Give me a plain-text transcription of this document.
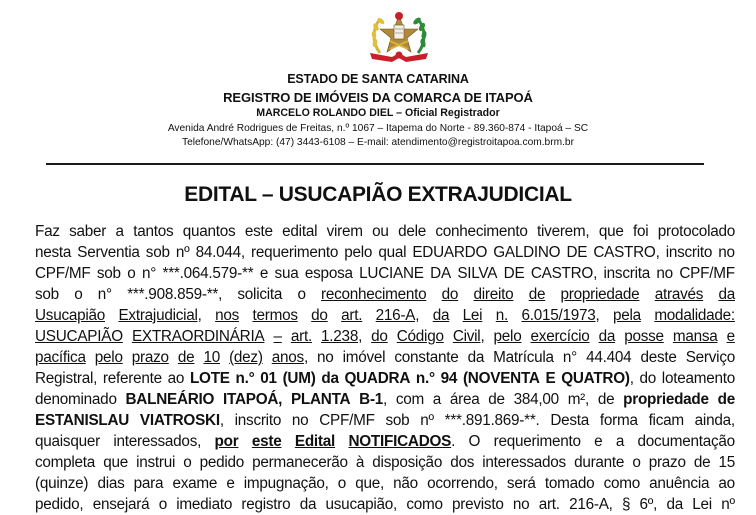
ESTADO DE SANTA CATARINA
REGISTRO DE IMÓVEIS DA COMARCA DE ITAPOÁ
MARCELO ROLANDO DIEL – Oficial Registrador
Avenida André Rodrigues de Freitas, n.º 1067 – Itapema do Norte - 89.360-874 - Itapoá – SC
Telefone/WhatsApp: (47) 3443-6108 – E-mail: atendimento@registroitapoa.com.brm.br
EDITAL – USUCAPIÃO EXTRAJUDICIAL
Faz saber a tantos quantos este edital virem ou dele conhecimento tiverem, que foi protocolado
nesta Serventia sob nº 84.044, requerimento pelo qual EDUARDO GALDINO DE CASTRO, inscrito no
CPF/MF sob o n° ***.064.579-** e sua esposa LUCIANE DA SILVA DE CASTRO, inscrita no CPF/MF
sob o n° ***.908.859-**, solicita o reconhecimento do direito de propriedade através da
Usucapião Extrajudicial, nos termos do art. 216-A, da Lei n. 6.015/1973, pela modalidade:
USUCAPIÃO EXTRAORDINÁRIA – art. 1.238, do Código Civil, pelo exercício da posse mansa e
pacífica pelo prazo de 10 (dez) anos, no imóvel constante da Matrícula n° 44.404 deste Serviço
Registral, referente ao LOTE n.° 01 (UM) da QUADRA n.° 94 (NOVENTA E QUATRO), do loteamento
denominado BALNEÁRIO ITAPOÁ, PLANTA B-1, com a área de 384,00 m², de propriedade de
ESTANISLAU VIATROSKI, inscrito no CPF/MF sob nº ***.891.869-**. Desta forma ficam ainda,
quaisquer interessados, por este Edital NOTIFICADOS. O requerimento e a documentação
completa que instrui o pedido permanecerão à disposição dos interessados durante o prazo de 15
(quinze) dias para exame e impugnação, o que, não ocorrendo, será tomado como anuência ao
pedido, ensejará o imediato registro da usucapião, como previsto no art. 216-A, § 6º, da Lei nº
